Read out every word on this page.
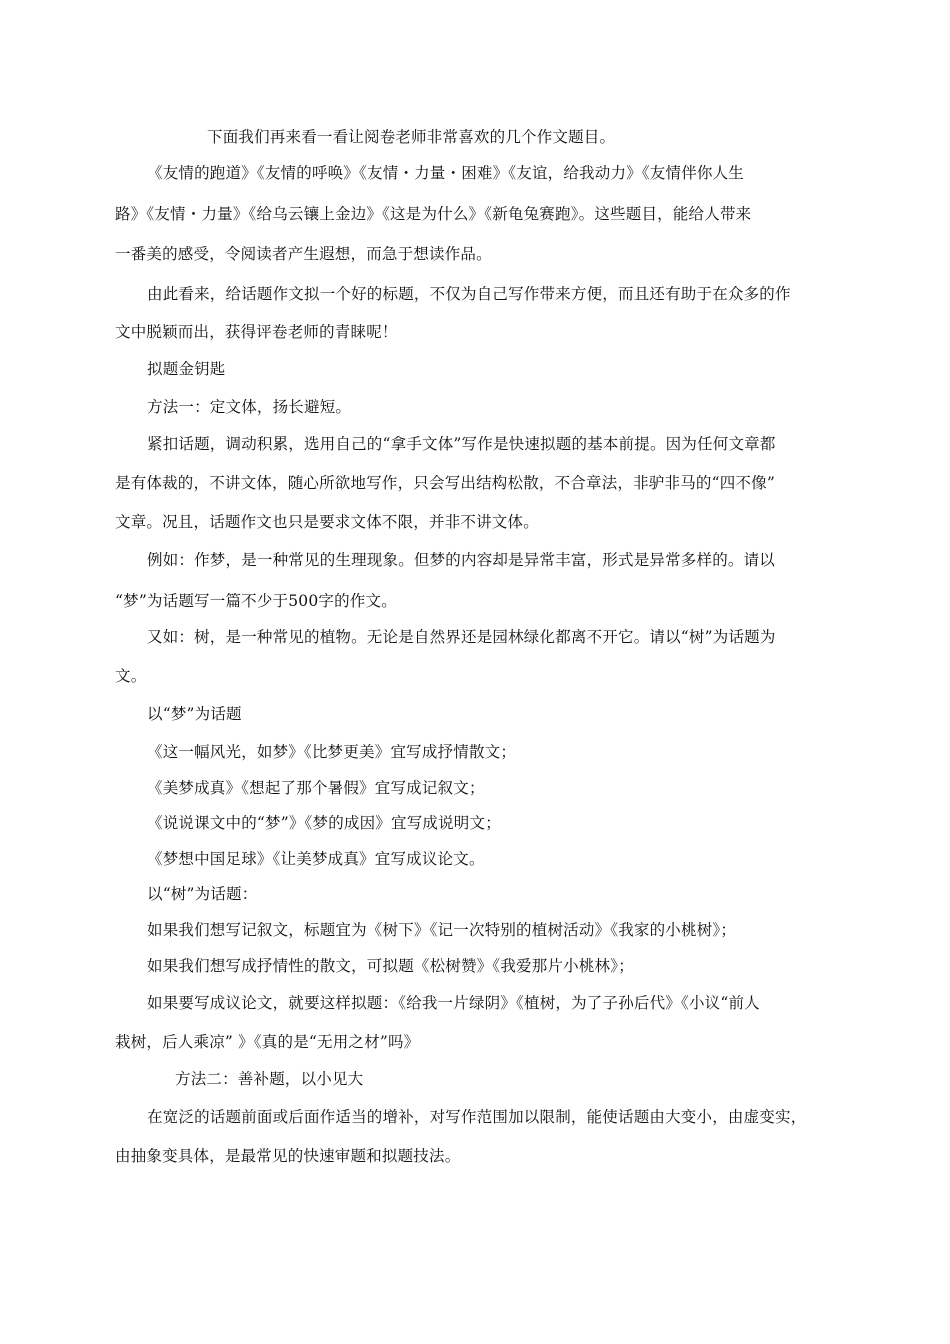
下面我们再来看一看让阅卷老师非常喜欢的几个作文题目。
《友情的跑道》《友情的呼唤》《友情・力量・困难》《友谊，给我动力》《友情伴你人生
路》《友情・力量》《给乌云镶上金边》《这是为什么》《新龟兔赛跑》。这些题目，能给人带来
一番美的感受，令阅读者产生遐想，而急于想读作品。
由此看来，给话题作文拟一个好的标题，不仅为自己写作带来方便，而且还有助于在众多的作
文中脱颖而出，获得评卷老师的青睐呢！
拟题金钥匙
方法一：定文体，扬长避短。
紧扣话题，调动积累，选用自己的“拿手文体”写作是快速拟题的基本前提。因为任何文章都
是有体裁的，不讲文体，随心所欲地写作，只会写出结构松散，不合章法，非驴非马的“四不像”
文章。况且，话题作文也只是要求文体不限，并非不讲文体。
例如：作梦，是一种常见的生理现象。但梦的内容却是异常丰富，形式是异常多样的。请以
“梦”为话题写一篇不少于500字的作文。
又如：树，是一种常见的植物。无论是自然界还是园林绿化都离不开它。请以“树”为话题为
文。
以“梦”为话题
《这一幅风光，如梦》《比梦更美》宜写成抒情散文；
《美梦成真》《想起了那个暑假》宜写成记叙文；
《说说课文中的“梦”》《梦的成因》宜写成说明文；
《梦想中国足球》《让美梦成真》宜写成议论文。
以“树”为话题：
如果我们想写记叙文，标题宜为《树下》《记一次特别的植树活动》《我家的小桃树》；
如果我们想写成抒情性的散文，可拟题《松树赞》《我爱那片小桃林》；
如果要写成议论文，就要这样拟题：《给我一片绿阴》《植树，为了子孙后代》《小议“前人
栽树，后人乘凉” 》《真的是“无用之材”吗》
方法二：善补题，以小见大
在宽泛的话题前面或后面作适当的增补，对写作范围加以限制，能使话题由大变小，由虚变实，
由抽象变具体，是最常见的快速审题和拟题技法。
